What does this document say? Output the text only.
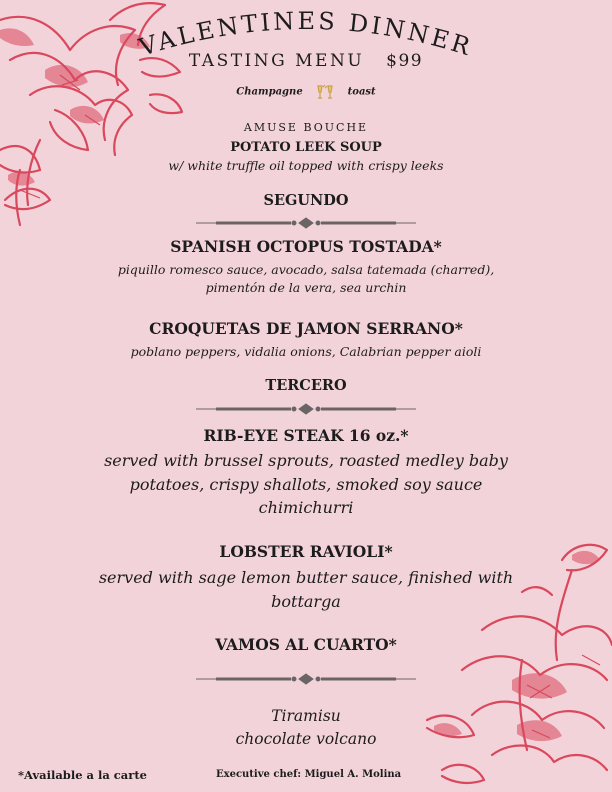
VALENTINES DINNER
TASTING MENU $99
Champagne	toast
AMUSE BOUCHE
POTATO LEEK SOUP
w/ white truffle oil topped with crispy leeks
SEGUNDO
SPANISH OCTOPUS TOSTADA*
piquillo romesco sauce, avocado, salsa tatemada (charred),
pimentón de la vera, sea urchin
CROQUETAS DE JAMON SERRANO*
poblano peppers, vidalia onions, Calabrian pepper aioli
TERCERO
RIB-EYE STEAK 16 oz.*
served with brussel sprouts, roasted medley baby
potatoes, crispy shallots, smoked soy sauce
chimichurri
LOBSTER RAVIOLI*
served with sage lemon butter sauce, finished with
bottarga
VAMOS AL CUARTO*
Tiramisu
chocolate volcano
*Available a la carte	Executive chef: Miguel A. Molina
